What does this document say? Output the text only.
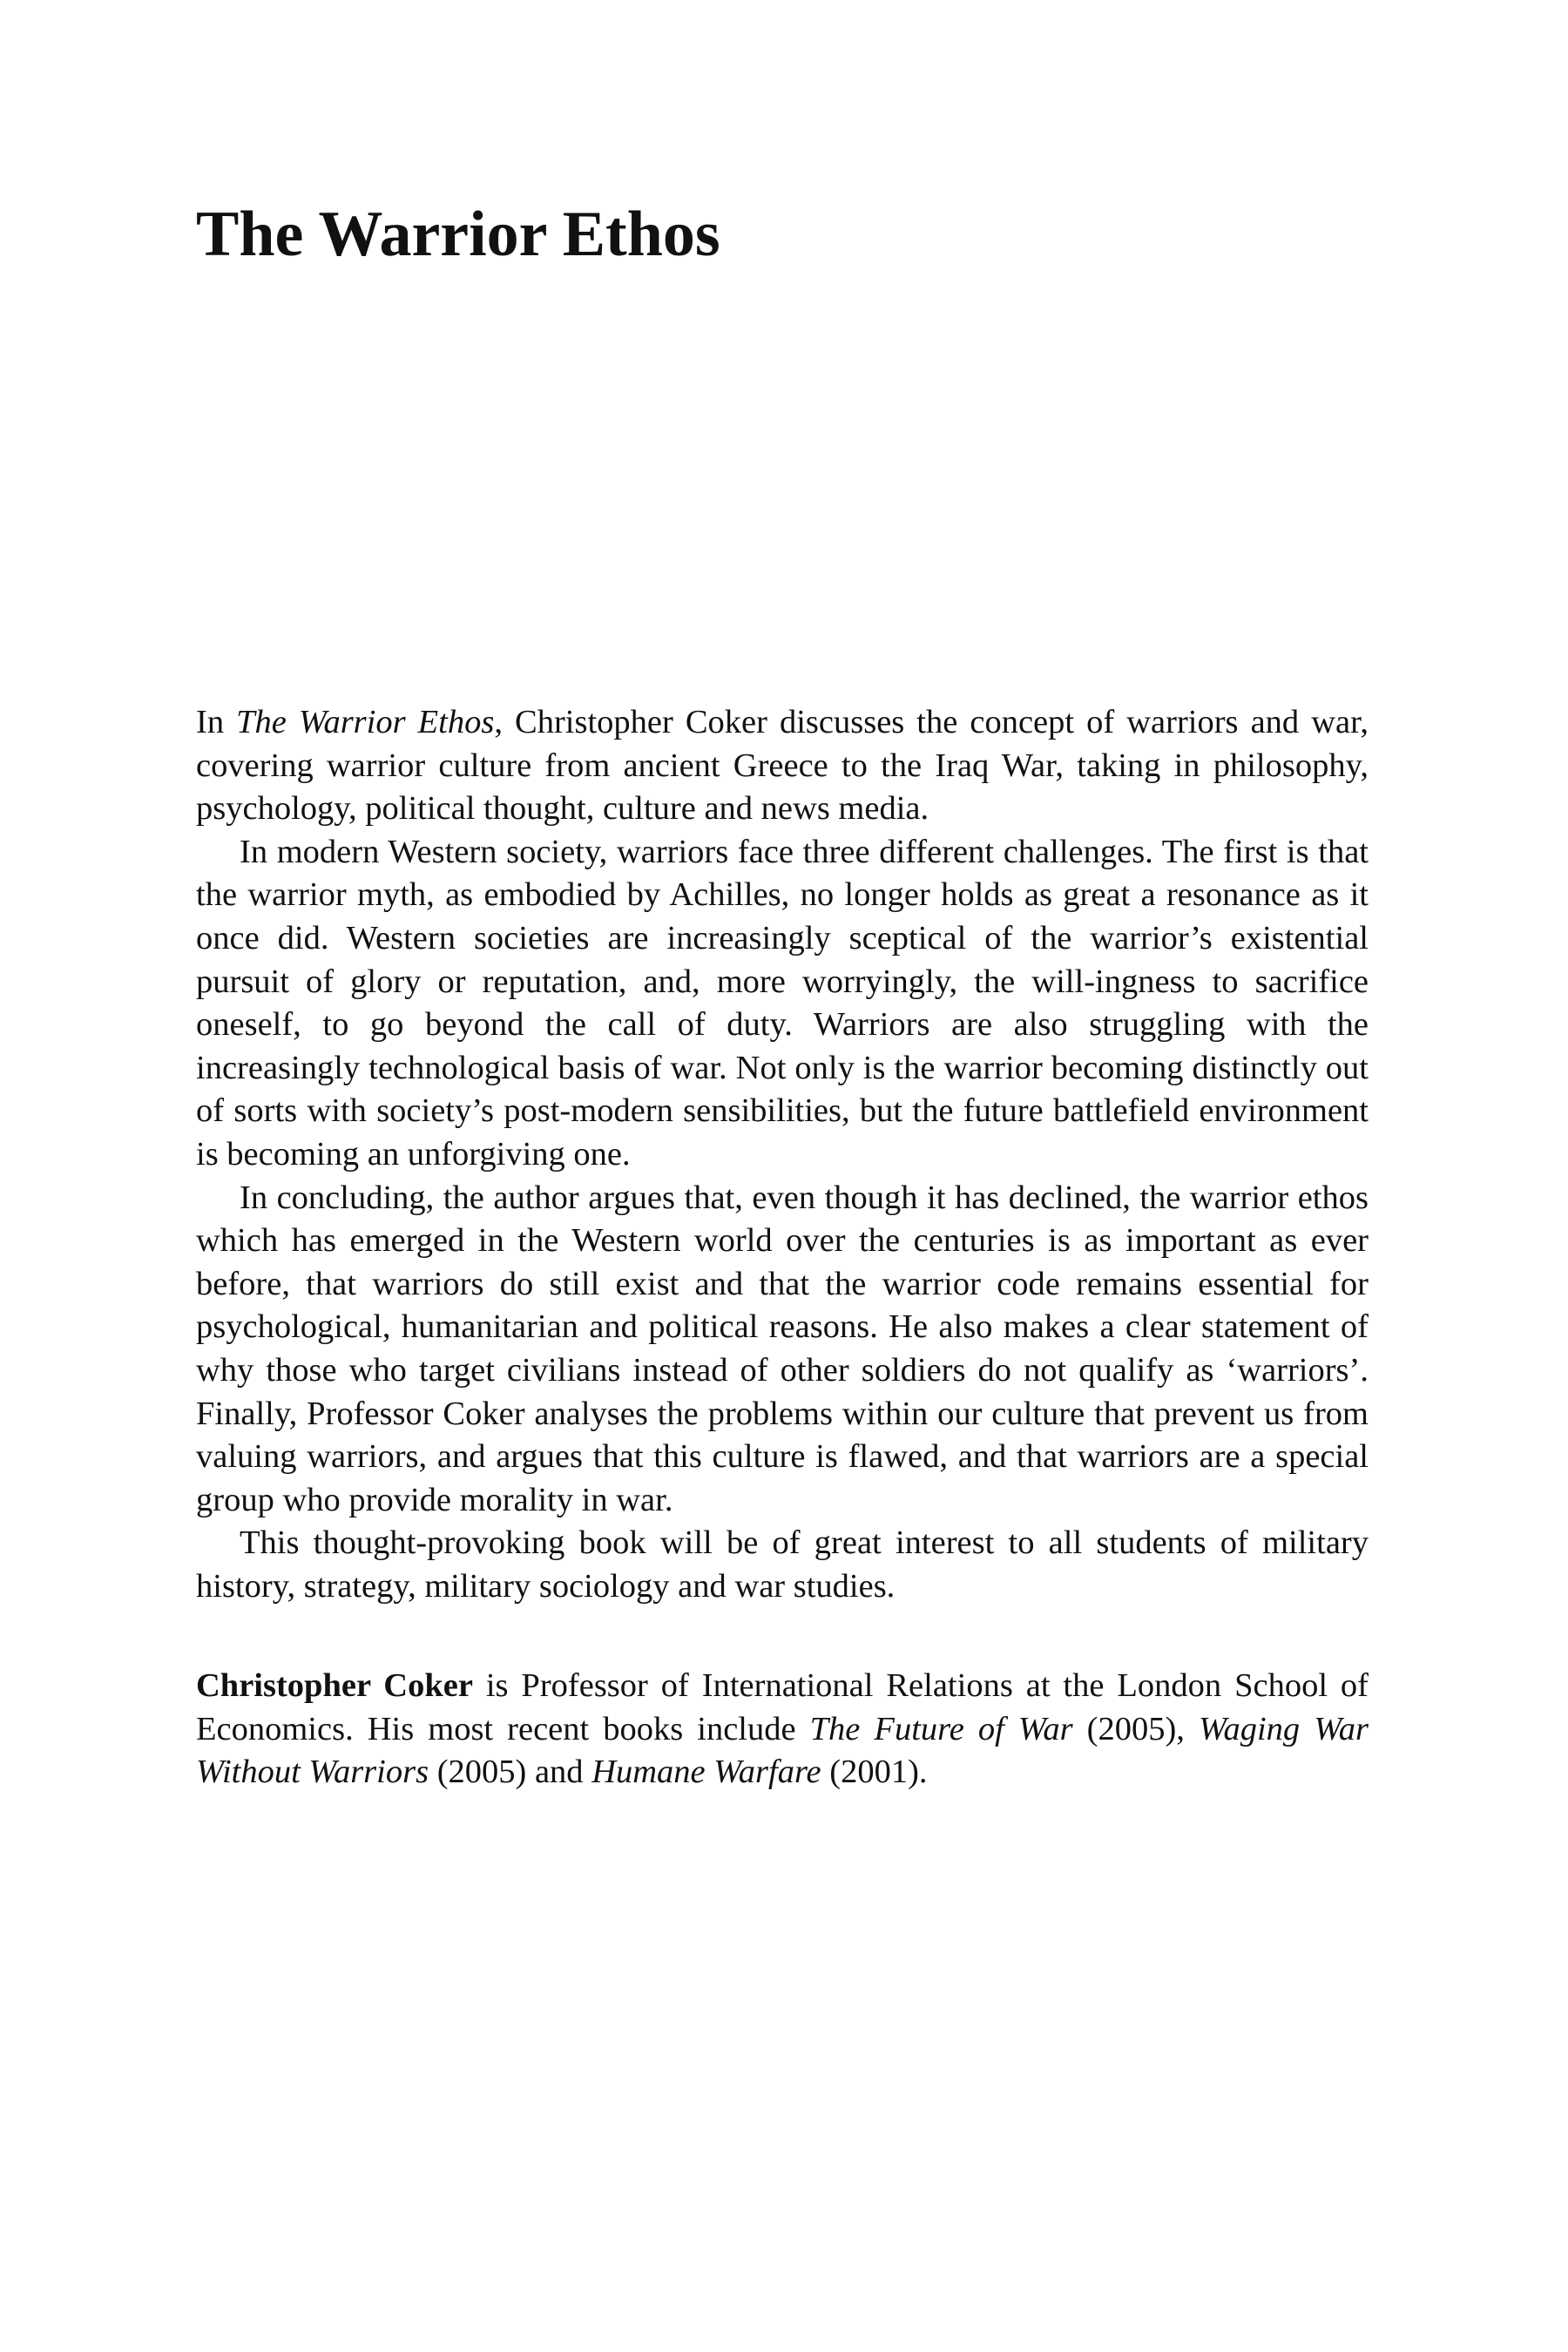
The Warrior Ethos

In The Warrior Ethos, Christopher Coker discusses the concept of warriors and war, covering warrior culture from ancient Greece to the Iraq War, taking in philosophy, psychology, political thought, culture and news media.

In modern Western society, warriors face three different challenges. The first is that the warrior myth, as embodied by Achilles, no longer holds as great a resonance as it once did. Western societies are increasingly sceptical of the warrior’s existential pursuit of glory or reputation, and, more worryingly, the will-ingness to sacrifice oneself, to go beyond the call of duty. Warriors are also struggling with the increasingly technological basis of war. Not only is the warrior becoming distinctly out of sorts with society’s post-modern sensibilities, but the future battlefield environment is becoming an unforgiving one.

In concluding, the author argues that, even though it has declined, the warrior ethos which has emerged in the Western world over the centuries is as important as ever before, that warriors do still exist and that the warrior code remains essential for psychological, humanitarian and political reasons. He also makes a clear statement of why those who target civilians instead of other soldiers do not qualify as ‘warriors’. Finally, Professor Coker analyses the problems within our culture that prevent us from valuing warriors, and argues that this culture is flawed, and that warriors are a special group who provide morality in war.

This thought-provoking book will be of great interest to all students of military history, strategy, military sociology and war studies.

Christopher Coker is Professor of International Relations at the London School of Economics. His most recent books include The Future of War (2005), Waging War Without Warriors (2005) and Humane Warfare (2001).
